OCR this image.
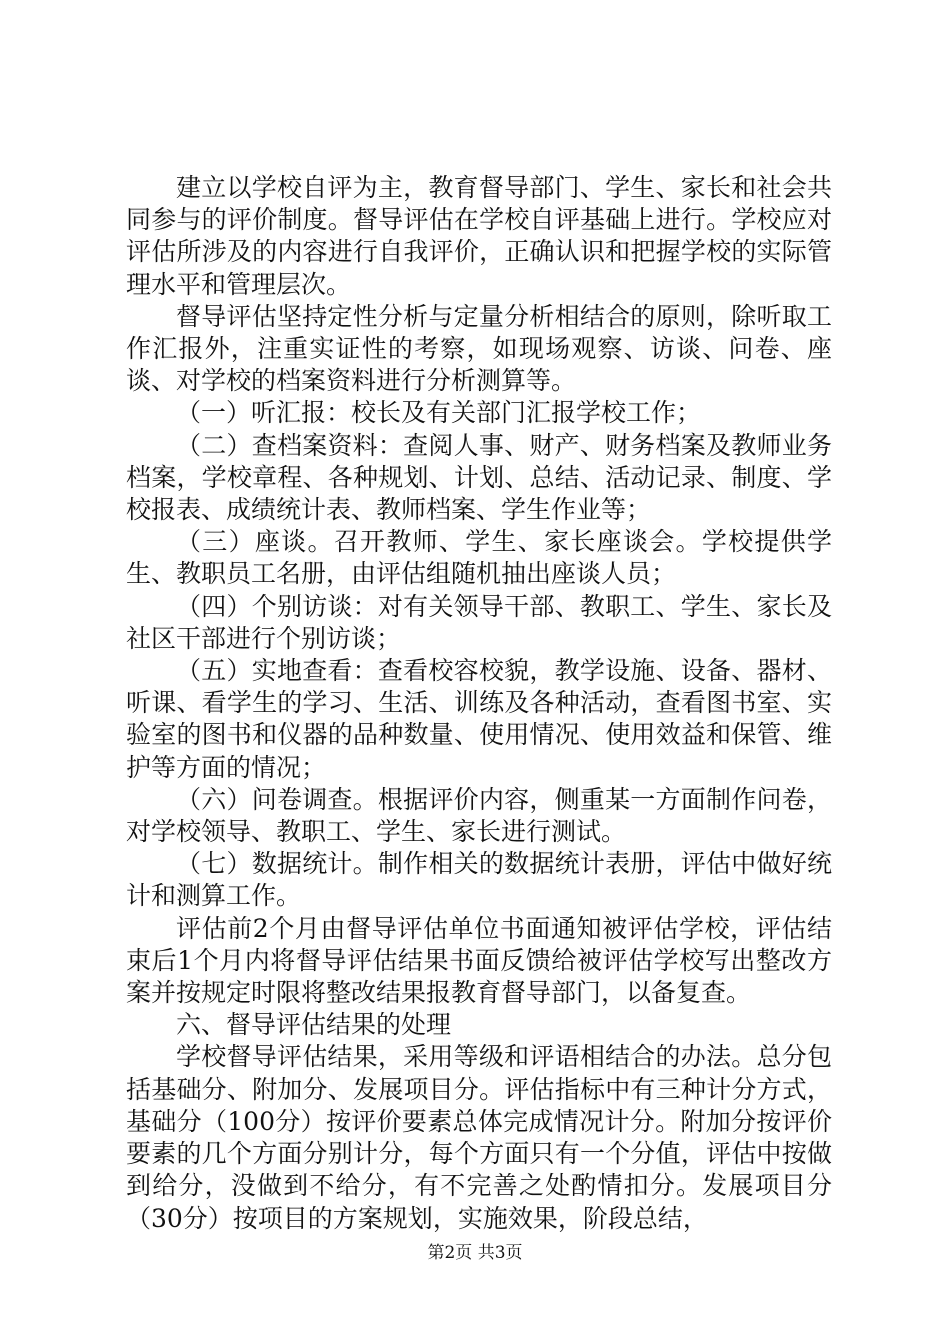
建立以学校自评为主，教育督导部门、学生、家长和社会共同参与的评价制度。督导评估在学校自评基础上进行。学校应对评估所涉及的内容进行自我评价，正确认识和把握学校的实际管理水平和管理层次。

督导评估坚持定性分析与定量分析相结合的原则，除听取工作汇报外，注重实证性的考察，如现场观察、访谈、问卷、座谈、对学校的档案资料进行分析测算等。

（一）听汇报：校长及有关部门汇报学校工作；

（二）查档案资料：查阅人事、财产、财务档案及教师业务档案，学校章程、各种规划、计划、总结、活动记录、制度、学校报表、成绩统计表、教师档案、学生作业等；

（三）座谈。召开教师、学生、家长座谈会。学校提供学生、教职员工名册，由评估组随机抽出座谈人员；

（四）个别访谈：对有关领导干部、教职工、学生、家长及社区干部进行个别访谈；

（五）实地查看：查看校容校貌，教学设施、设备、器材、听课、看学生的学习、生活、训练及各种活动，查看图书室、实验室的图书和仪器的品种数量、使用情况、使用效益和保管、维护等方面的情况；

（六）问卷调查。根据评价内容，侧重某一方面制作问卷，对学校领导、教职工、学生、家长进行测试。

（七）数据统计。制作相关的数据统计表册，评估中做好统计和测算工作。

评估前2个月由督导评估单位书面通知被评估学校，评估结束后1个月内将督导评估结果书面反馈给被评估学校写出整改方案并按规定时限将整改结果报教育督导部门，以备复查。

六、督导评估结果的处理

学校督导评估结果，采用等级和评语相结合的办法。总分包括基础分、附加分、发展项目分。评估指标中有三种计分方式，基础分（100分）按评价要素总体完成情况计分。附加分按评价要素的几个方面分别计分，每个方面只有一个分值，评估中按做到给分，没做到不给分，有不完善之处酌情扣分。发展项目分（30分）按项目的方案规划，实施效果，阶段总结，

第2页 共3页
